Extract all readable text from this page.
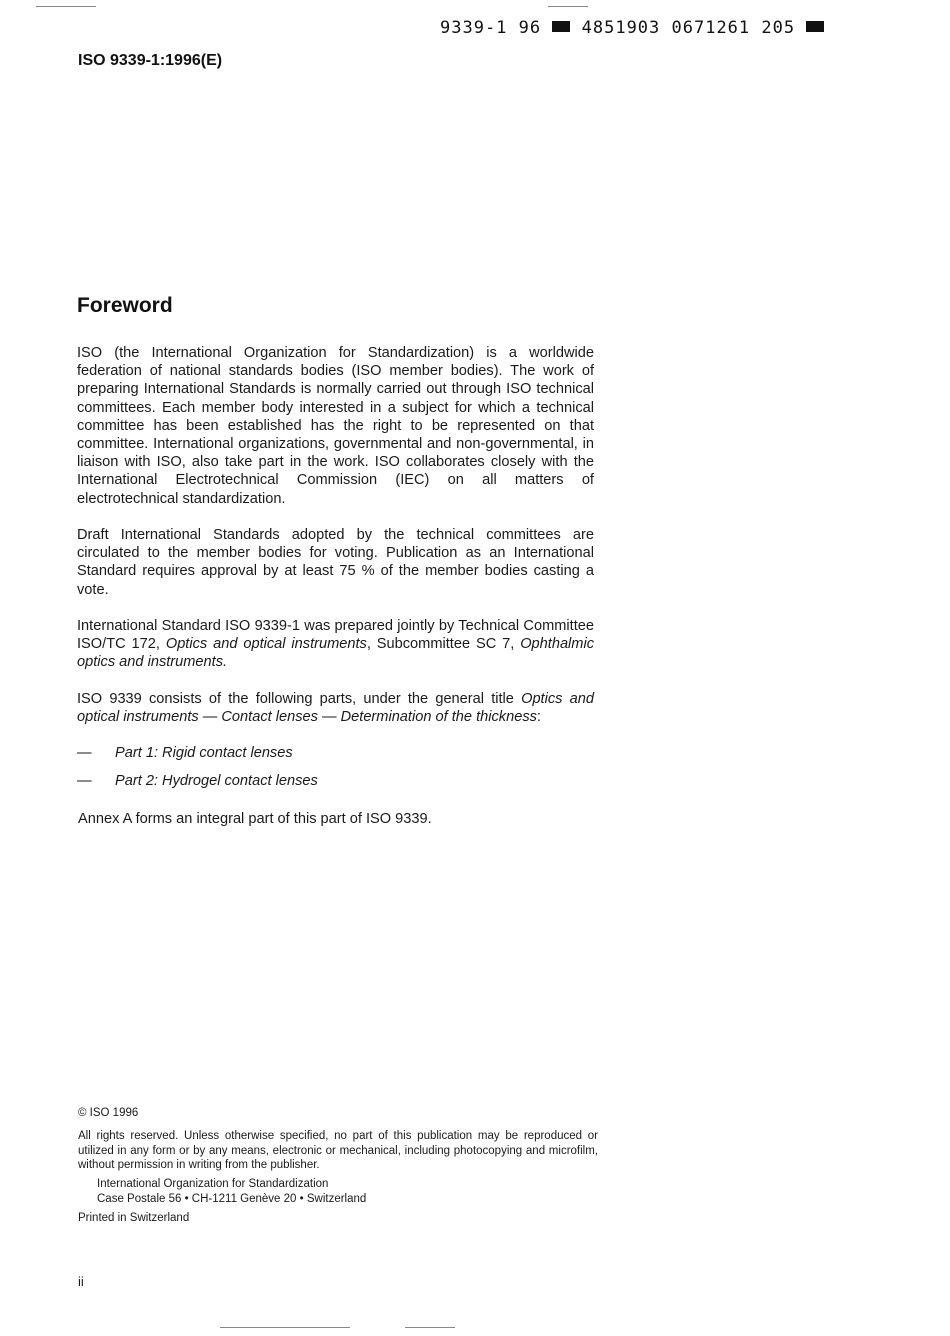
9339-1 96 4851903 0671261 205
ISO 9339-1:1996(E)
Foreword

ISO (the International Organization for Standardization) is a worldwide federation of national standards bodies (ISO member bodies). The work of preparing International Standards is normally carried out through ISO technical committees. Each member body interested in a subject for which a technical committee has been established has the right to be represented on that committee. International organizations, governmental and non-governmental, in liaison with ISO, also take part in the work. ISO collaborates closely with the International Electrotechnical Commission (IEC) on all matters of electrotechnical standardization.

Draft International Standards adopted by the technical committees are circulated to the member bodies for voting. Publication as an International Standard requires approval by at least 75 % of the member bodies casting a vote.

International Standard ISO 9339-1 was prepared jointly by Technical Committee ISO/TC 172, Optics and optical instruments, Subcommittee SC 7, Ophthalmic optics and instruments.

ISO 9339 consists of the following parts, under the general title Optics and optical instruments — Contact lenses — Determination of the thickness:

—	Part 1: Rigid contact lenses
—	Part 2: Hydrogel contact lenses

Annex A forms an integral part of this part of ISO 9339.

© ISO 1996

All rights reserved. Unless otherwise specified, no part of this publication may be reproduced or utilized in any form or by any means, electronic or mechanical, including photocopying and microfilm, without permission in writing from the publisher.

International Organization for Standardization

Case Postale 56 • CH-1211 Genève 20 • Switzerland

Printed in Switzerland

ii
